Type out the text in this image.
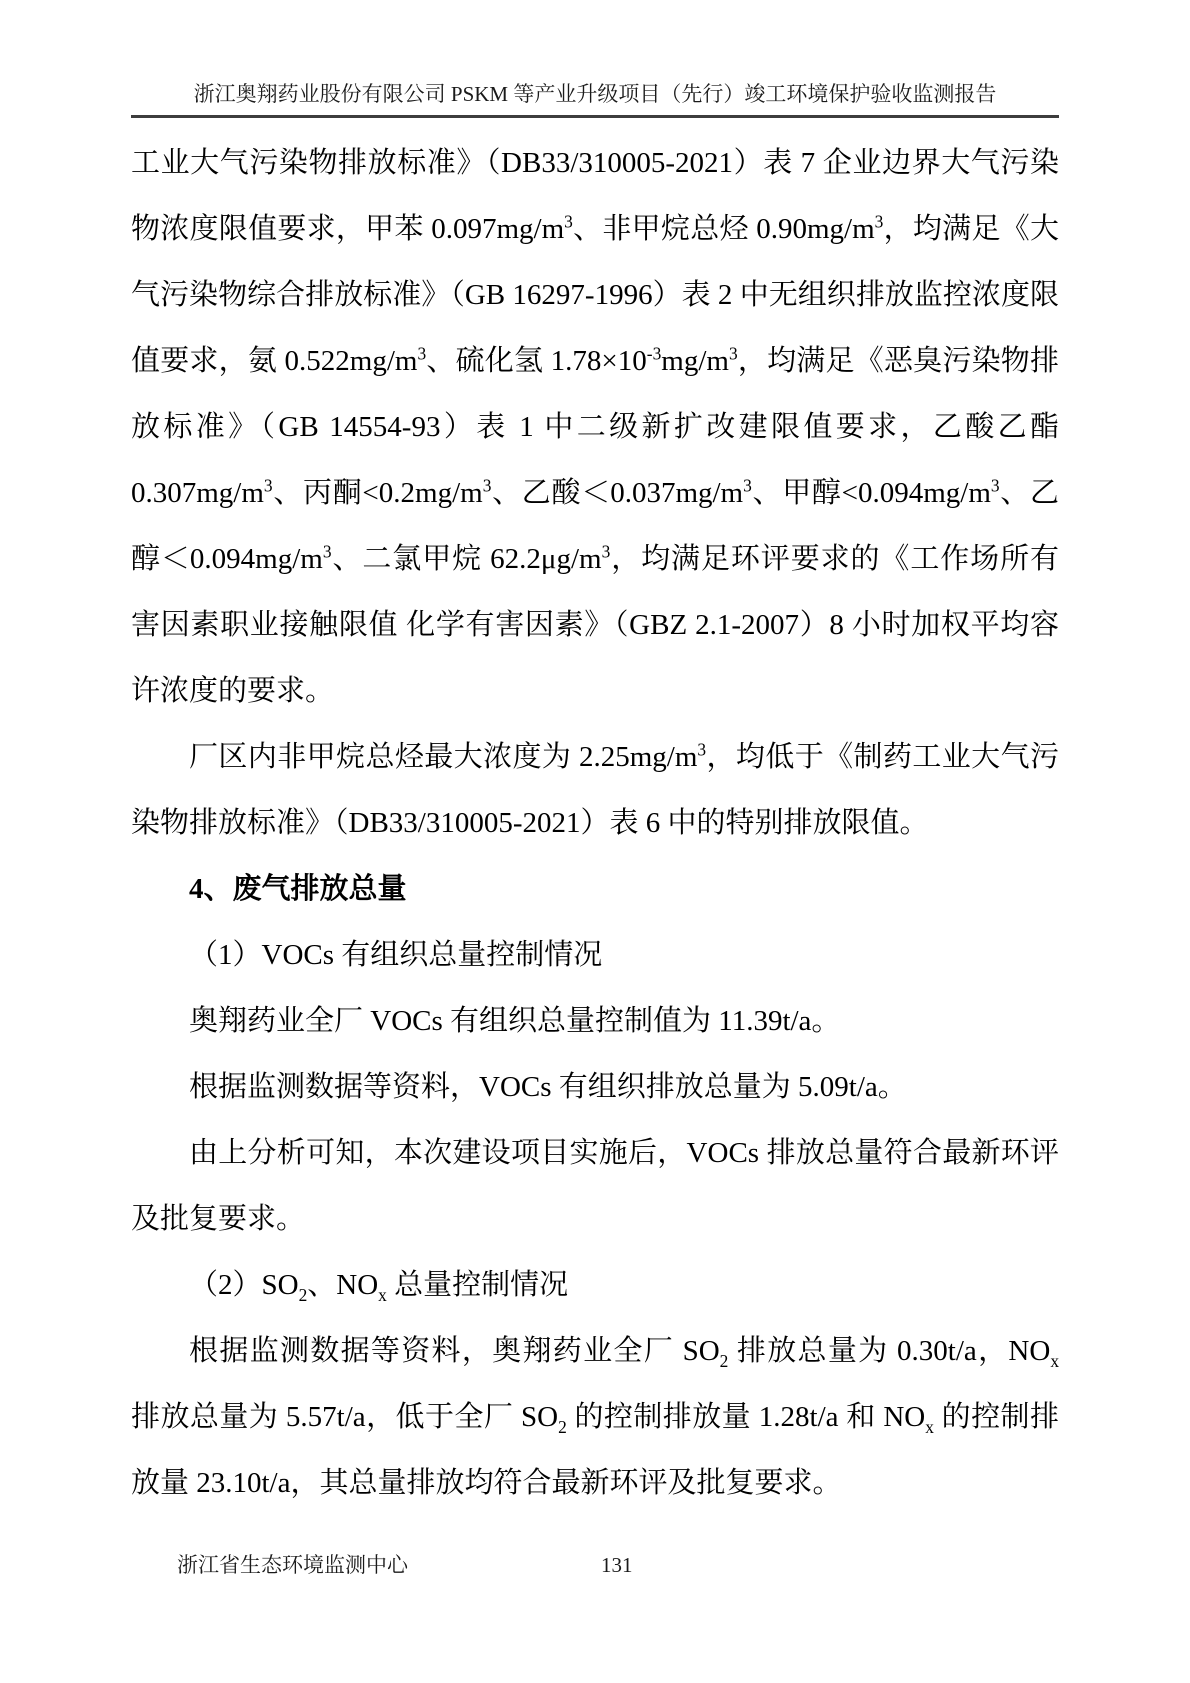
浙江奥翔药业股份有限公司 PSKM 等产业升级项目（先行）竣工环境保护验收监测报告

工业大气污染物排放标准》（DB33/310005-2021）表 7 企业边界大气污染物浓度限值要求，甲苯 $0.097mg/m^3$、非甲烷总烃 $0.90mg/m^3$，均满足《大气污染物综合排放标准》（GB 16297-1996）表 2 中无组织排放监控浓度限值要求，氨 $0.522mg/m^3$、硫化氢 $1.78\times 10^{-3}mg/m^3$，均满足《恶臭污染物排放标准》（GB 14554-93）表 1 中二级新扩改建限值要求，乙酸乙酯 $0.307mg/m^3$、丙酮$<0.2mg/m^3$、乙酸$<0.037mg/m^3$、甲醇$<0.094mg/m^3$、乙醇$<0.094mg/m^3$、二氯甲烷 $62.2\mu g/m^3$，均满足环评要求的《工作场所有害因素职业接触限值 化学有害因素》（GBZ 2.1-2007）8 小时加权平均容许浓度的要求。

厂区内非甲烷总烃最大浓度为 $2.25mg/m^3$，均低于《制药工业大气污染物排放标准》（DB33/310005-2021）表 6 中的特别排放限值。

4、废气排放总量

（1）VOCs 有组织总量控制情况

奥翔药业全厂 VOCs 有组织总量控制值为 11.39t/a。

根据监测数据等资料，VOCs 有组织排放总量为 5.09t/a。

由上分析可知，本次建设项目实施后，VOCs 排放总量符合最新环评及批复要求。

$(2)SO_2$、$NO_x$ 总量控制情况

根据监测数据等资料，奥翔药业全厂 $SO_2$ 排放总量为 0.30t/a，$NO_x$ 排放总量为 5.57t/a，低于全厂 $SO_2$ 的控制排放量 1.28t/a 和 $NO_x$ 的控制排放量 23.10t/a，其总量排放均符合最新环评及批复要求。

浙江省生态环境监测中心	131
